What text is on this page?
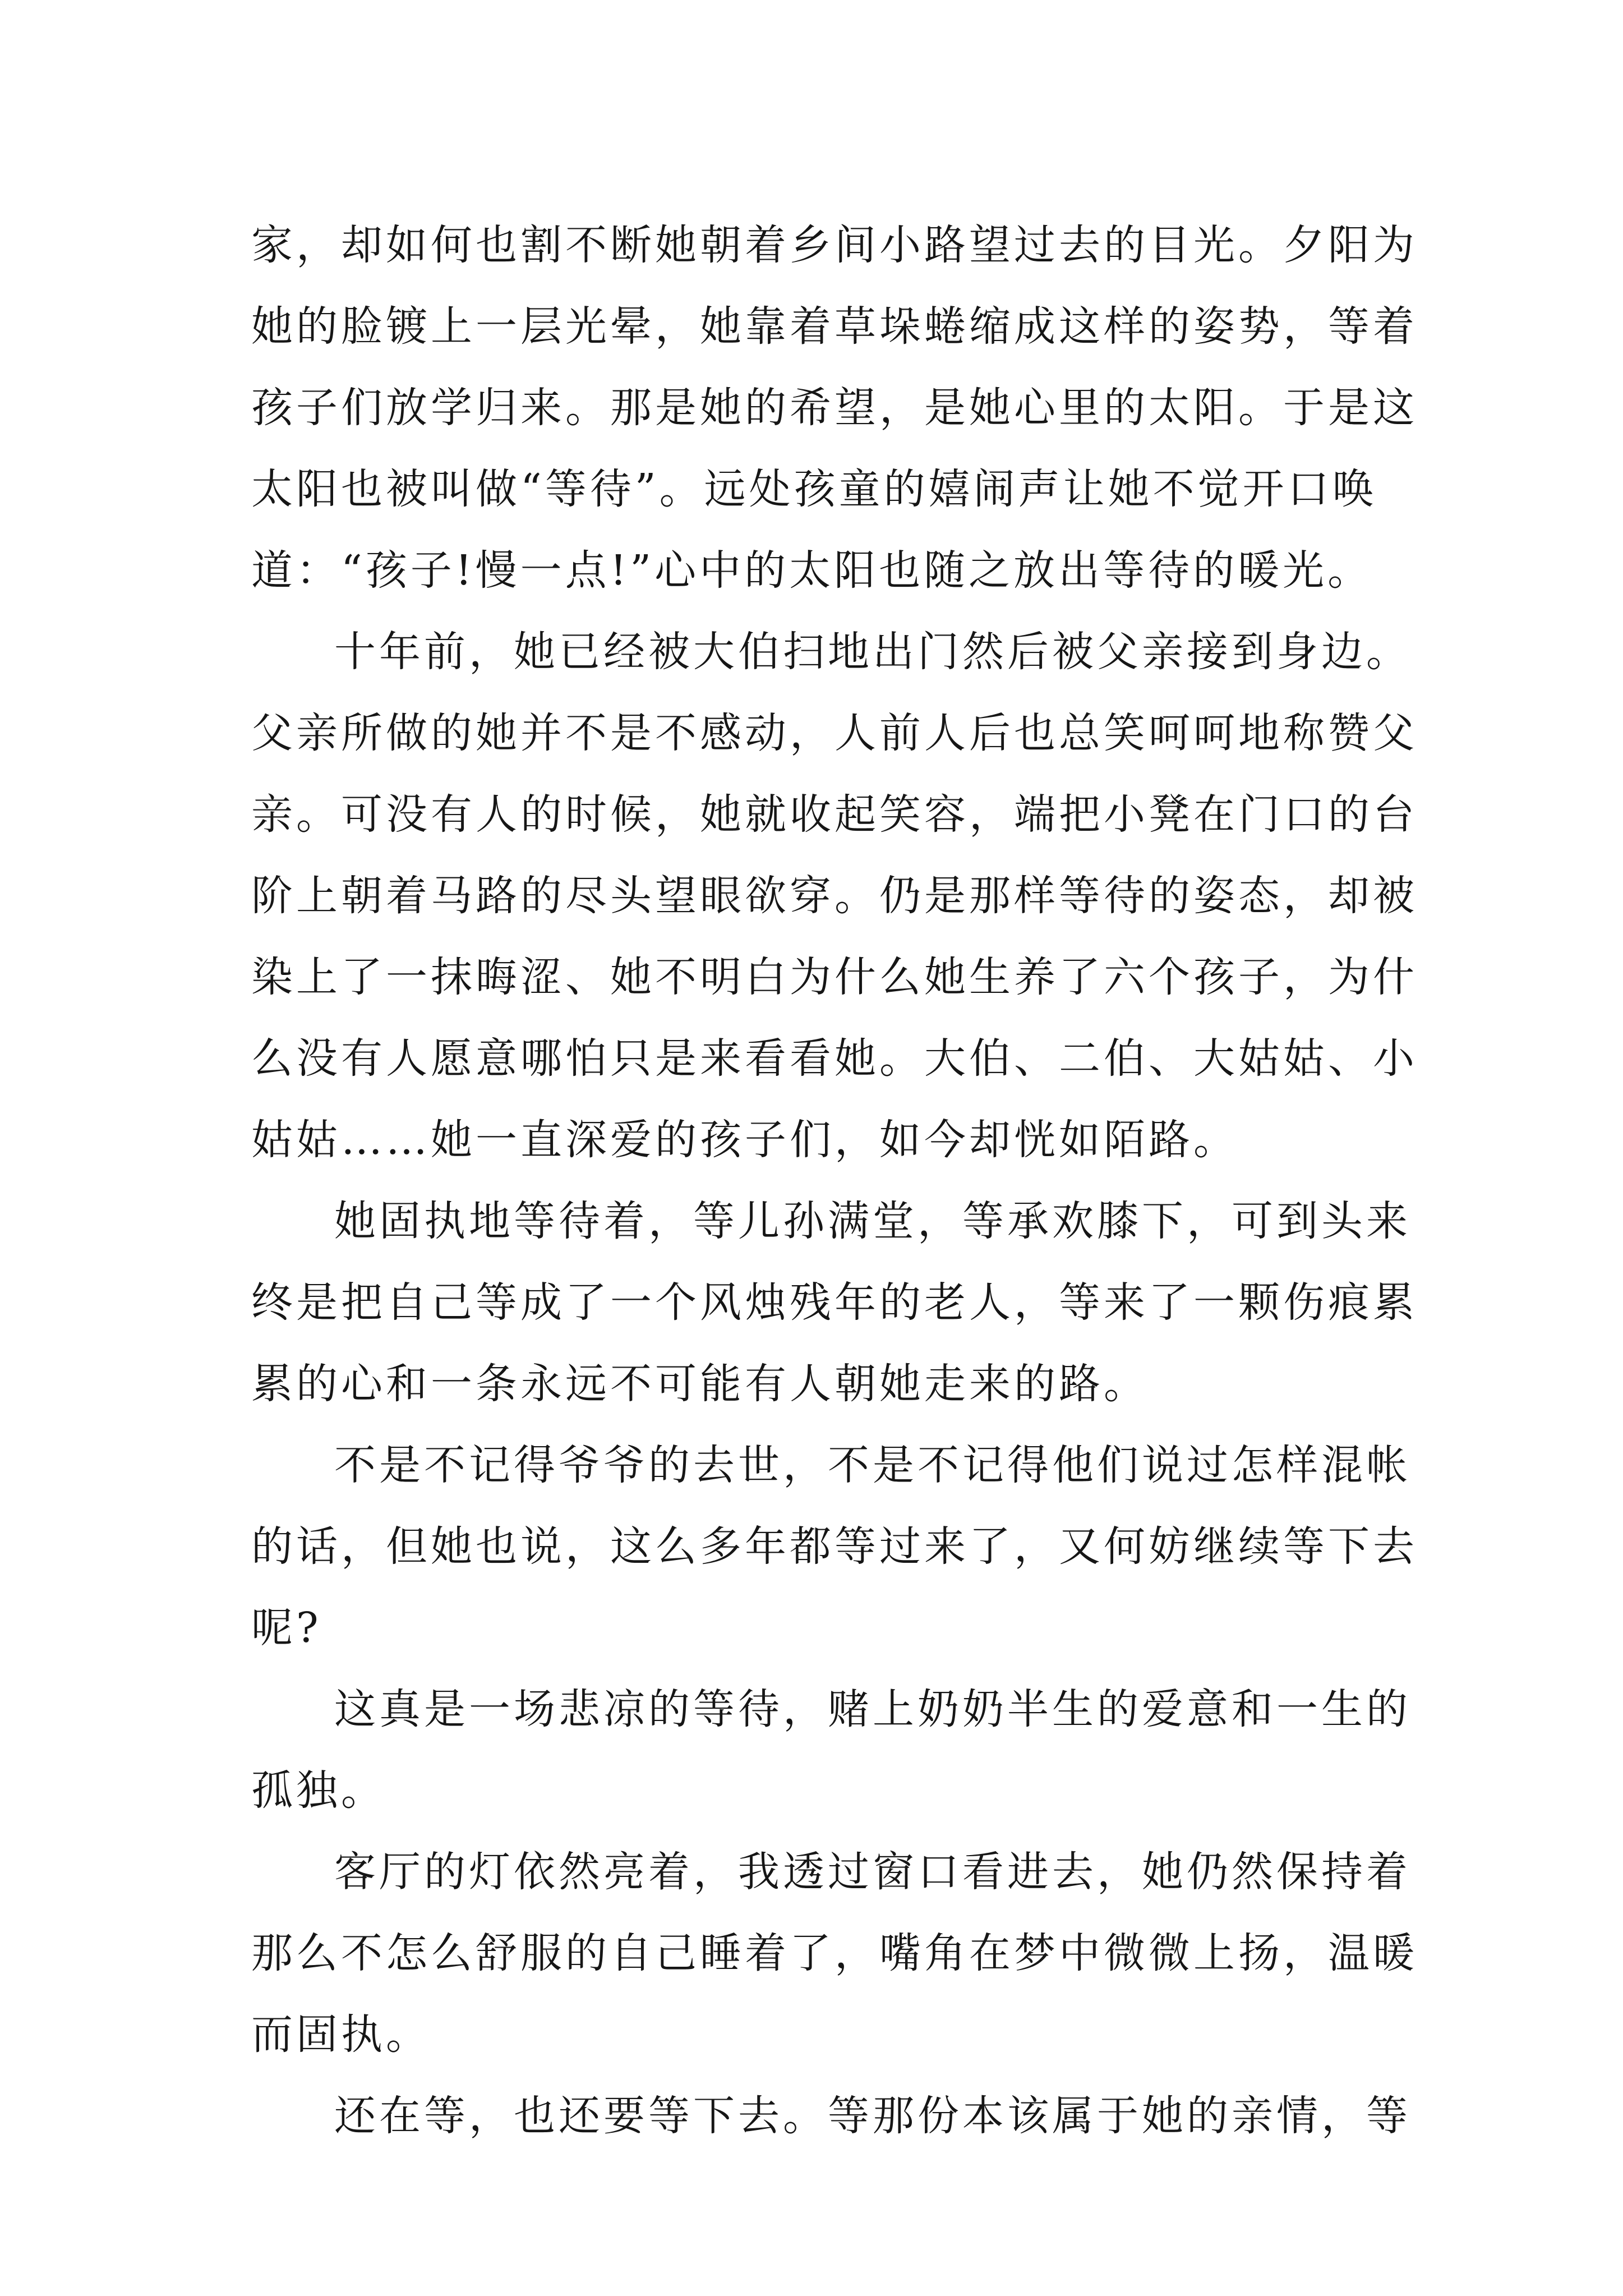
家，却如何也割不断她朝着乡间小路望过去的目光。夕阳为
她的脸镀上一层光晕，她靠着草垛蜷缩成这样的姿势，等着
孩子们放学归来。那是她的希望，是她心里的太阳。于是这
太阳也被叫做“等待”。远处孩童的嬉闹声让她不觉开口唤
道：“孩子!慢一点!”心中的太阳也随之放出等待的暖光。
十年前，她已经被大伯扫地出门然后被父亲接到身边。
父亲所做的她并不是不感动，人前人后也总笑呵呵地称赞父
亲。可没有人的时候，她就收起笑容，端把小凳在门口的台
阶上朝着马路的尽头望眼欲穿。仍是那样等待的姿态，却被
染上了一抹晦涩、她不明白为什么她生养了六个孩子，为什
么没有人愿意哪怕只是来看看她。大伯、二伯、大姑姑、小
姑姑……她一直深爱的孩子们，如今却恍如陌路。
她固执地等待着，等儿孙满堂，等承欢膝下，可到头来
终是把自己等成了一个风烛残年的老人，等来了一颗伤痕累
累的心和一条永远不可能有人朝她走来的路。
不是不记得爷爷的去世，不是不记得他们说过怎样混帐
的话，但她也说，这么多年都等过来了，又何妨继续等下去
呢?
这真是一场悲凉的等待，赌上奶奶半生的爱意和一生的
孤独。
客厅的灯依然亮着，我透过窗口看进去，她仍然保持着
那么不怎么舒服的自己睡着了，嘴角在梦中微微上扬，温暖
而固执。
还在等，也还要等下去。等那份本该属于她的亲情，等
